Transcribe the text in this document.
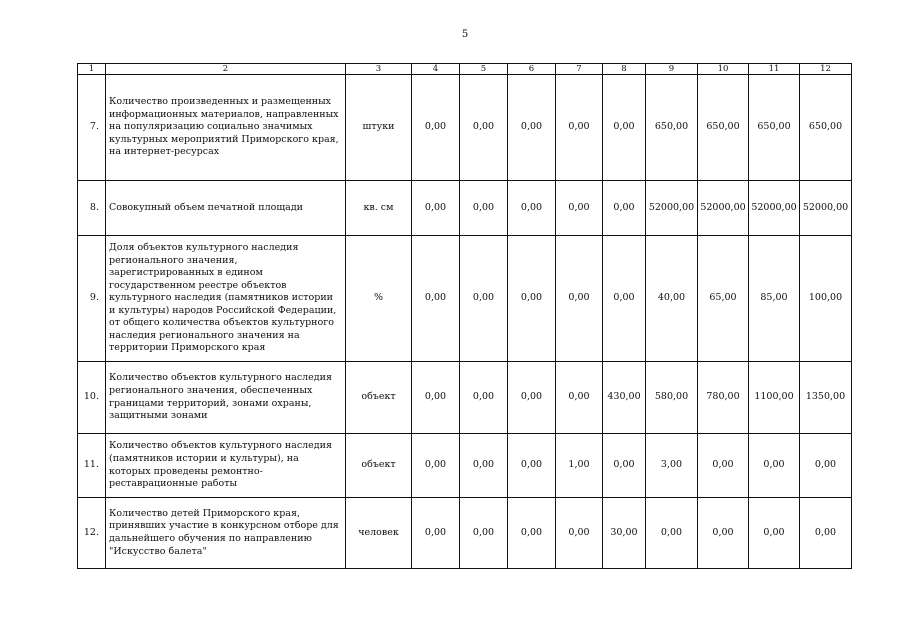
5
1	2	3	4	5	6	7	8	9	10	11	12
7.	Количество произведенных и размещенных информационных материалов, направленных на популяризацию социально значимых культурных мероприятий Приморского края, на интернет-ресурсах	штуки	0,00	0,00	0,00	0,00	0,00	650,00	650,00	650,00	650,00
8.	Совокупный объем печатной площади	кв. см	0,00	0,00	0,00	0,00	0,00	52000,00	52000,00	52000,00	52000,00
9.	Доля объектов культурного наследия регионального значения, зарегистрированных в едином государственном реестре объектов культурного наследия (памятников истории и культуры) народов Российской Федерации, от общего количества объектов культурного наследия регионального значения на территории Приморского края	%	0,00	0,00	0,00	0,00	0,00	40,00	65,00	85,00	100,00
10.	Количество объектов культурного наследия регионального значения, обеспеченных границами территорий, зонами охраны, защитными зонами	объект	0,00	0,00	0,00	0,00	430,00	580,00	780,00	1100,00	1350,00
11.	Количество объектов культурного наследия (памятников истории и культуры), на которых проведены ремонтно-реставрационные работы	объект	0,00	0,00	0,00	1,00	0,00	3,00	0,00	0,00	0,00
12.	Количество детей Приморского края, принявших участие в конкурсном отборе для дальнейшего обучения по направлению "Искусство балета"	человек	0,00	0,00	0,00	0,00	30,00	0,00	0,00	0,00	0,00
